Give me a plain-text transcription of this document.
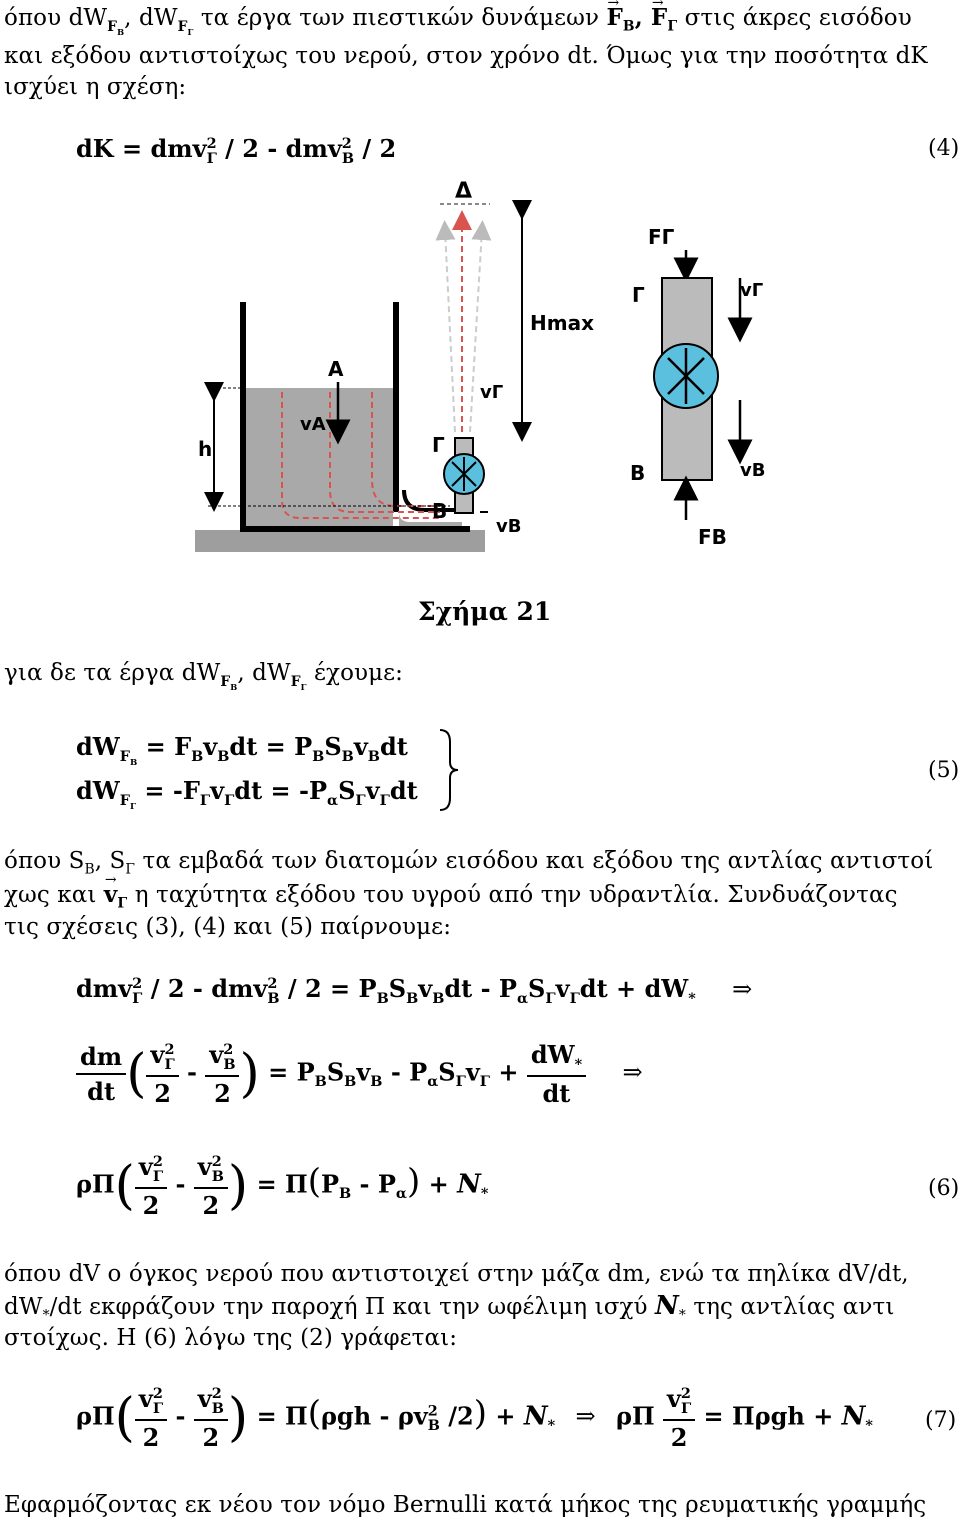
όπου $dW_{F_B}$, $dW_{F_\Gamma}$ τα έργα των πιεστικών $\delta\upsilon\nu ά\mu\varepsilon\omega\nu \to F_B$, → $F_\Gamma$ στις άκρες εισόδου
και εξόδου αντιστοίχως του νερού, στον χρόνο dt. Όμως για την ποσότητα dK
ισχύει η σχέση:
dK = dmv$^2_\Gamma$ / 2 - dmv$^2_B$ / 2	(4)
Δ
Hmax
A
vA
h	Γ
B
vB
vΓ
FΓ
Γ	vΓ
B	vB
FB
Σχήμα 21
για δε τα έργα $dW_{F_B}$, $dW_{F_\Gamma}$ έχουμε:
$dW_{F_B} = F_Bv_Bdt = P_BS_Bv_Bdt$
$dW_{F_\Gamma} = -F_\Gamma v_\Gamma dt = -P_\alpha S_\Gamma v_\Gamma dt$
(5)
όπου $S_B$, $S_\Gamma$ τα εμβαδά των διατομών εισόδου και εξόδου της αντλίας αντιστοί
χως $\kappa\alpha\iota \to v_\Gamma$ η ταχύτητα εξόδου του υγρού από την υδραντλία. Συνδυάζοντας
τις σχέσεις (3), (4) και (5) παίρνουμε:
$dmv^2_\Gamma / 2 - dmv^2_B / 2 = P_BS_Bv_Bdt - P_\alpha S_\Gamma v_\Gamma dt + dW_*$ ⇒
$\frac{dm}{dt}$ ( $\frac{v^2_\Gamma}{2} - \frac{v^2_B}{2}$ ) = $P_BS_Bv_B - P_\alpha S_\Gamma v_\Gamma + \frac{dW_*}{dt}$ ⇒
$\rho\Pi( \frac{v^2_\Gamma}{2} - \frac{v^2_B}{2}$ ) = $\Pi(P_B - P_\alpha) + N_*$	(6)
όπου dV ο όγκος νερού που αντιστοιχεί στην μάζα dm, ενώ τα πηλίκα dV/dt,
$dW_*/dt$ εκφράζουν την παροχή Π και την ωφέλιμη ισχύ $N_*$ της αντλίας αντι
στοίχως. Η (6) λόγω της (2) γράφεται:
$\rho\Pi( \frac{v^2_\Gamma}{2} - \frac{v^2_B}{2}$ ) = $\Pi(\rho gh - \rho v^2_B$ $/2) + N_*$ ⇒ ρΠ $\frac{v^2_\Gamma}{2} = \Pi\rho gh + N_*$ (7)
Εφαρμόζοντας εκ νέου τον νόμο Bernulli κατά μήκος της ρευματικής γραμμής
